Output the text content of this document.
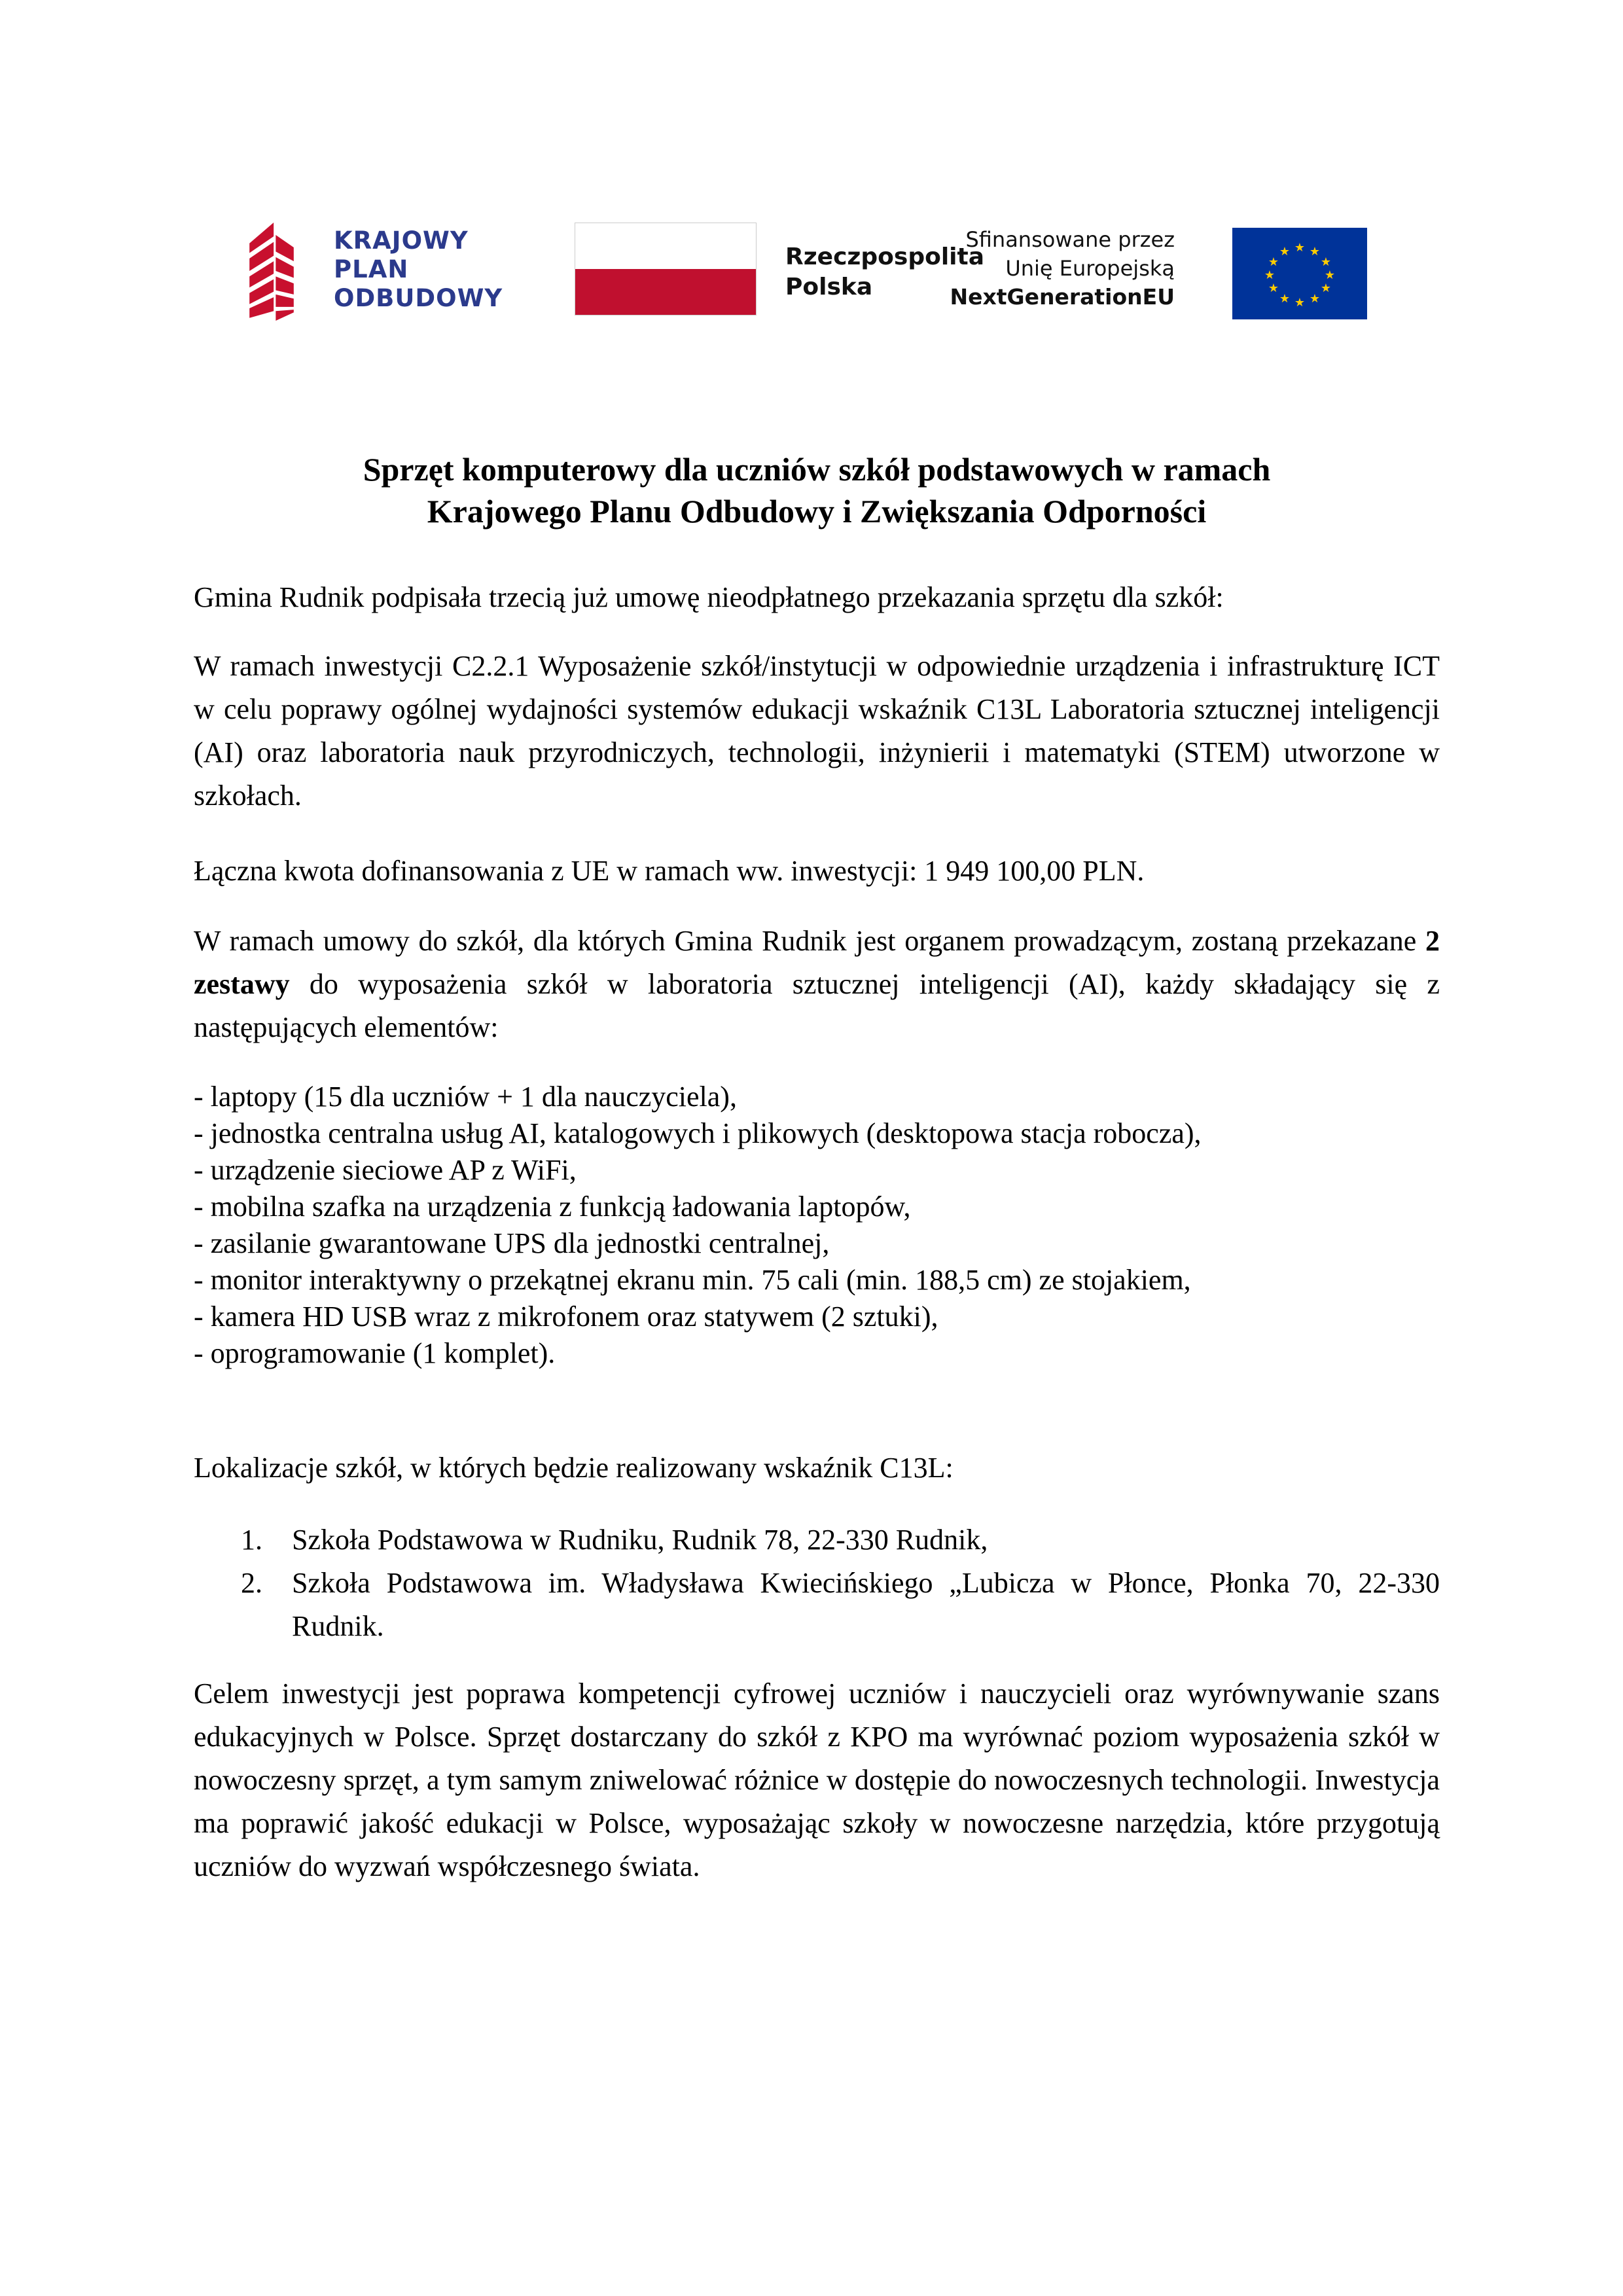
KRAJOWY
PLAN
ODBUDOWY
Rzeczpospolita
Polska
Sfinansowane przez
Unię Europejską
NextGenerationEU
★ ★
★
★
★
★
★
★
★
★
★
★
Sprzęt komputerowy dla uczniów szkół podstawowych w ramach
Krajowego Planu Odbudowy i Zwiększania Odporności
Gmina Rudnik podpisała trzecią już umowę nieodpłatnego przekazania sprzętu dla szkół:
W ramach inwestycji C2.2.1 Wyposażenie szkół/instytucji w odpowiednie urządzenia i infrastrukturę ICT w celu poprawy ogólnej wydajności systemów edukacji wskaźnik C13L Laboratoria sztucznej inteligencji (AI) oraz laboratoria nauk przyrodniczych, technologii, inżynierii i matematyki (STEM) utworzone w szkołach.
Łączna kwota dofinansowania z UE w ramach ww. inwestycji: 1 949 100,00 PLN.
W ramach umowy do szkół, dla których Gmina Rudnik jest organem prowadzącym, zostaną przekazane 2 zestawy do wyposażenia szkół w laboratoria sztucznej inteligencji (AI), każdy składający się z następujących elementów:
- laptopy (15 dla uczniów + 1 dla nauczyciela),
- jednostka centralna usług AI, katalogowych i plikowych (desktopowa stacja robocza),
- urządzenie sieciowe AP z WiFi,
- mobilna szafka na urządzenia z funkcją ładowania laptopów,
- zasilanie gwarantowane UPS dla jednostki centralnej,
- monitor interaktywny o przekątnej ekranu min. 75 cali (min. 188,5 cm) ze stojakiem,
- kamera HD USB wraz z mikrofonem oraz statywem (2 sztuki),
- oprogramowanie (1 komplet).
Lokalizacje szkół, w których będzie realizowany wskaźnik C13L:
1. Szkoła Podstawowa w Rudniku, Rudnik 78, 22-330 Rudnik,
2. Szkoła Podstawowa im. Władysława Kwiecińskiego „Lubicza w Płonce, Płonka 70, 22-330 Rudnik.
Celem inwestycji jest poprawa kompetencji cyfrowej uczniów i nauczycieli oraz wyrównywanie szans edukacyjnych w Polsce. Sprzęt dostarczany do szkół z KPO ma wyrównać poziom wyposażenia szkół w nowoczesny sprzęt, a tym samym zniwelować różnice w dostępie do nowoczesnych technologii. Inwestycja ma poprawić jakość edukacji w Polsce, wyposażając szkoły w nowoczesne narzędzia, które przygotują uczniów do wyzwań współczesnego świata.
